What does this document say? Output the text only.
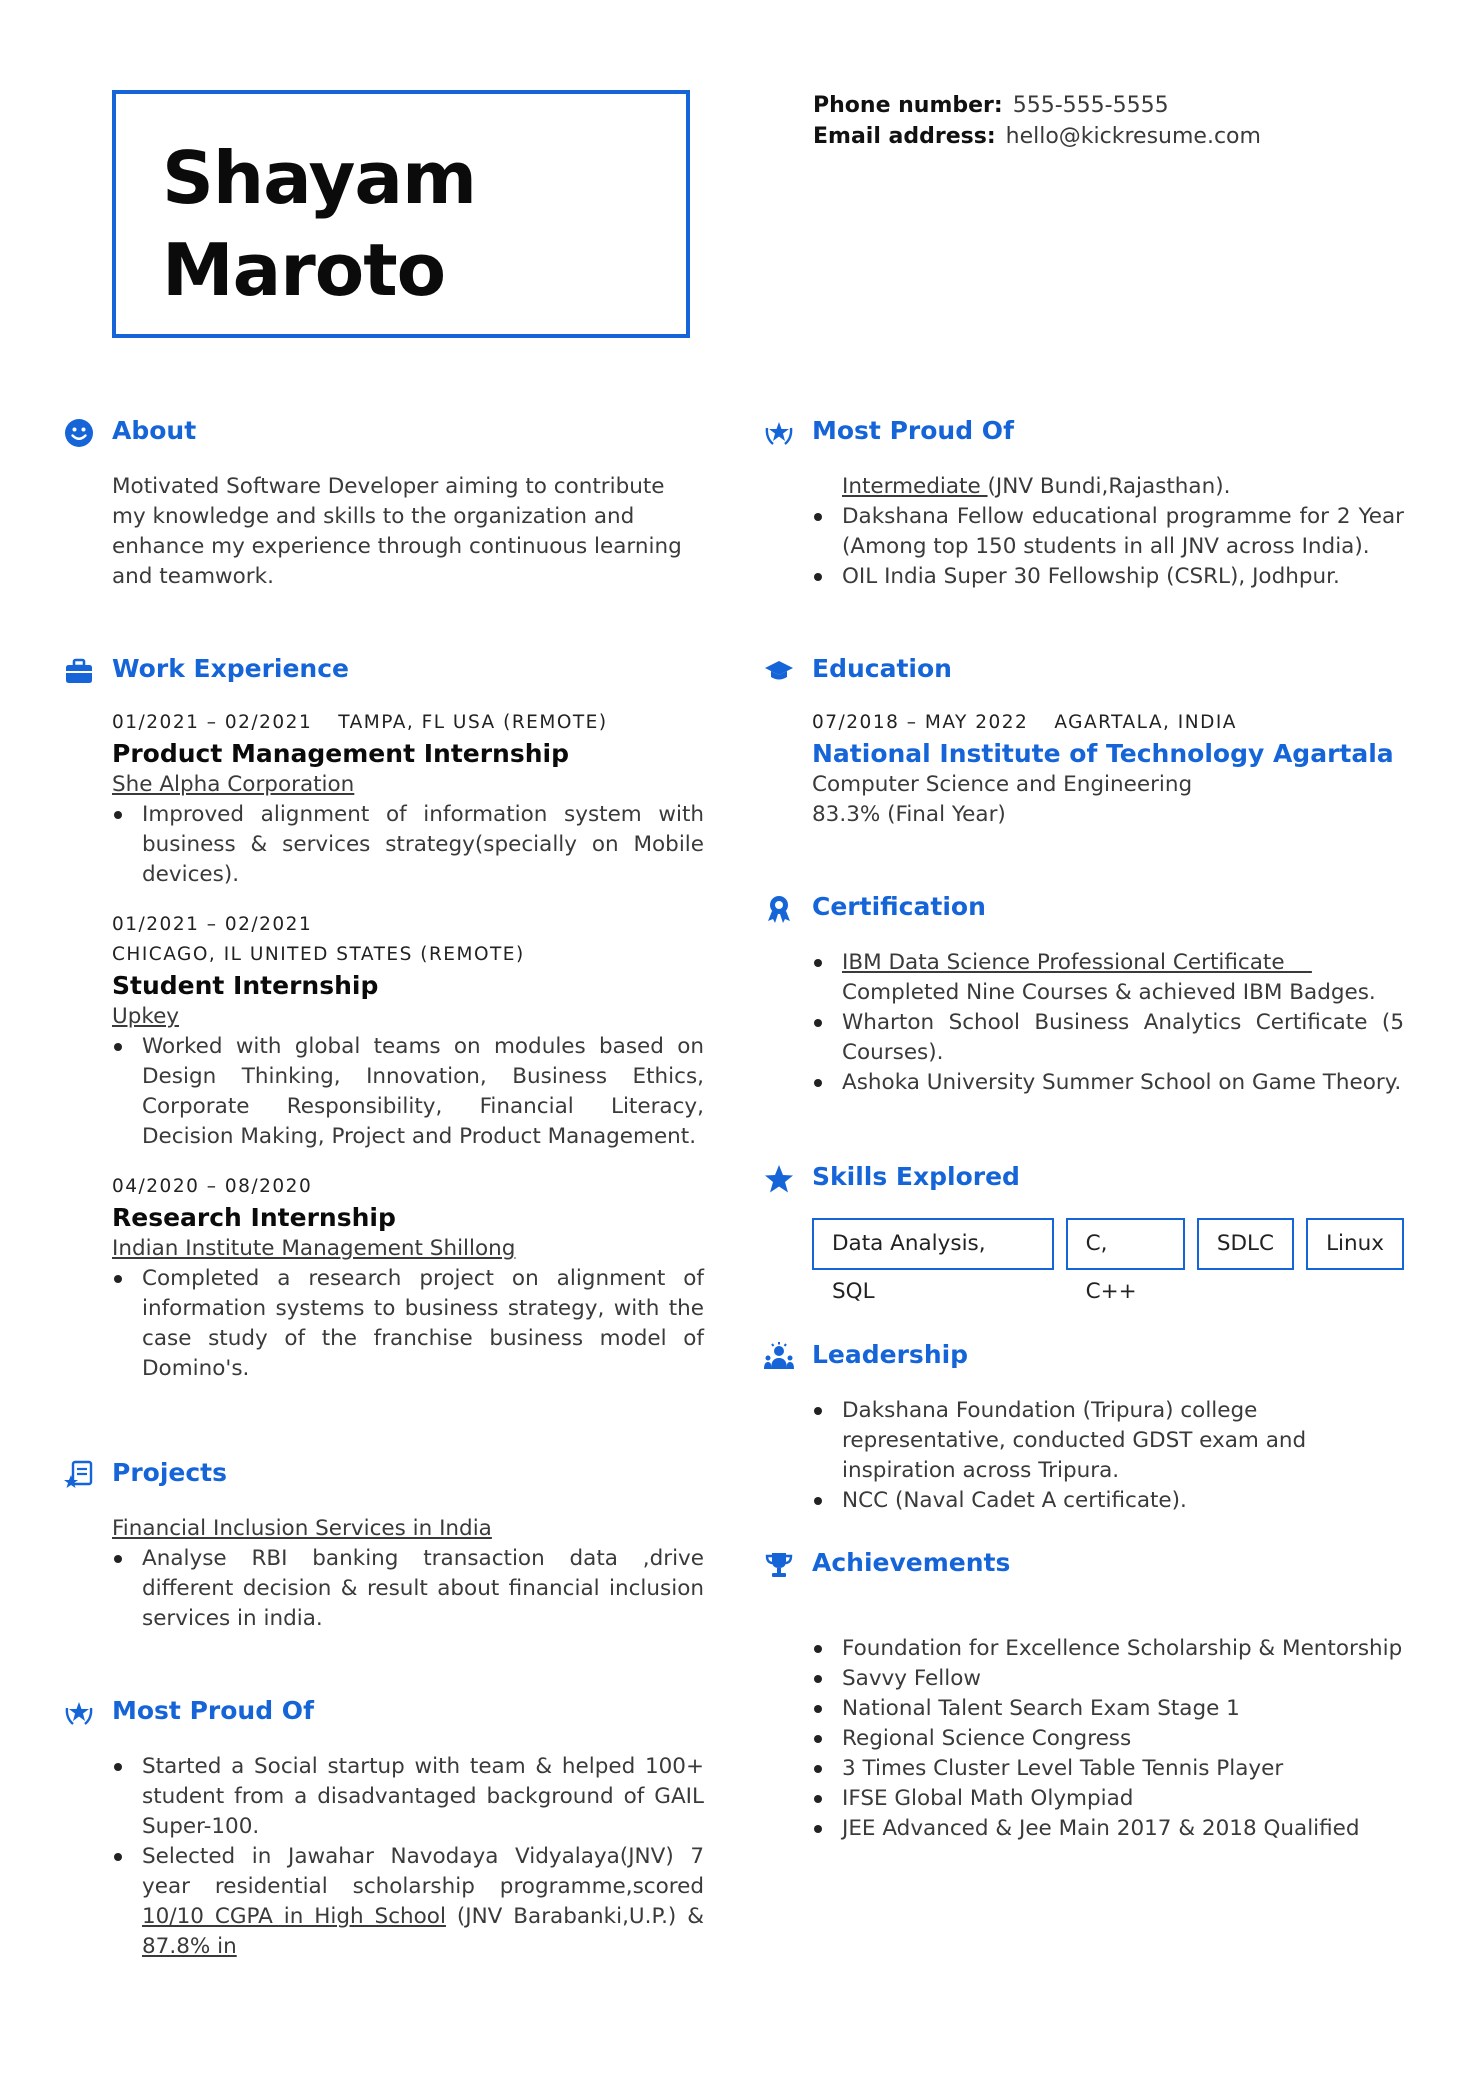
Shayam
Maroto
Phone number: 555-555-5555
Email address: hello@kickresume.com
About
Motivated Software Developer aiming to contribute my knowledge and skills to the organization and enhance my experience through continuous learning and teamwork.
Work Experience
01/2021 – 02/2021 TAMPA, FL USA (REMOTE)
Product Management Internship
She Alpha Corporation
Improved alignment of information system with business & services strategy(specially on Mobile devices).
01/2021 – 02/2021
CHICAGO, IL UNITED STATES (REMOTE)
Student Internship
Upkey
Worked with global teams on modules based on Design Thinking, Innovation, Business Ethics, Corporate Responsibility, Financial Literacy, Decision Making, Project and Product Management.
04/2020 – 08/2020
Research Internship
Indian Institute Management Shillong
Completed a research project on alignment of information systems to business strategy, with the case study of the franchise business model of Domino's.
Projects
Financial Inclusion Services in India
Analyse RBI banking transaction data ,drive different decision & result about financial inclusion services in india.
Most Proud Of
Started a Social startup with team & helped 100+ student from a disadvantaged background of GAIL Super-100.
Selected in Jawahar Navodaya Vidyalaya(JNV) 7 year residential scholarship programme,scored 10/10 CGPA in High School (JNV Barabanki,U.P.) & 87.8% in
Most Proud Of
Intermediate (JNV Bundi,Rajasthan).
Dakshana Fellow educational programme for 2 Year (Among top 150 students in all JNV across India).
OIL India Super 30 Fellowship (CSRL), Jodhpur.
Education
07/2018 – MAY 2022 AGARTALA, INDIA
National Institute of Technology Agartala
Computer Science and Engineering
83.3% (Final Year)
Certification
IBM Data Science Professional Certificate
Completed Nine Courses & achieved IBM Badges.
Wharton School Business Analytics Certificate (5 Courses).
Ashoka University Summer School on Game Theory.
Skills Explored
Data Analysis, SQL
C, C++
SDLC	Linux
Leadership
Dakshana Foundation (Tripura) college representative, conducted GDST exam and inspiration across Tripura.
NCC (Naval Cadet A certificate).
Achievements
Foundation for Excellence Scholarship & Mentorship
Savvy Fellow
National Talent Search Exam Stage 1
Regional Science Congress
3 Times Cluster Level Table Tennis Player
IFSE Global Math Olympiad
JEE Advanced & Jee Main 2017 & 2018 Qualified
